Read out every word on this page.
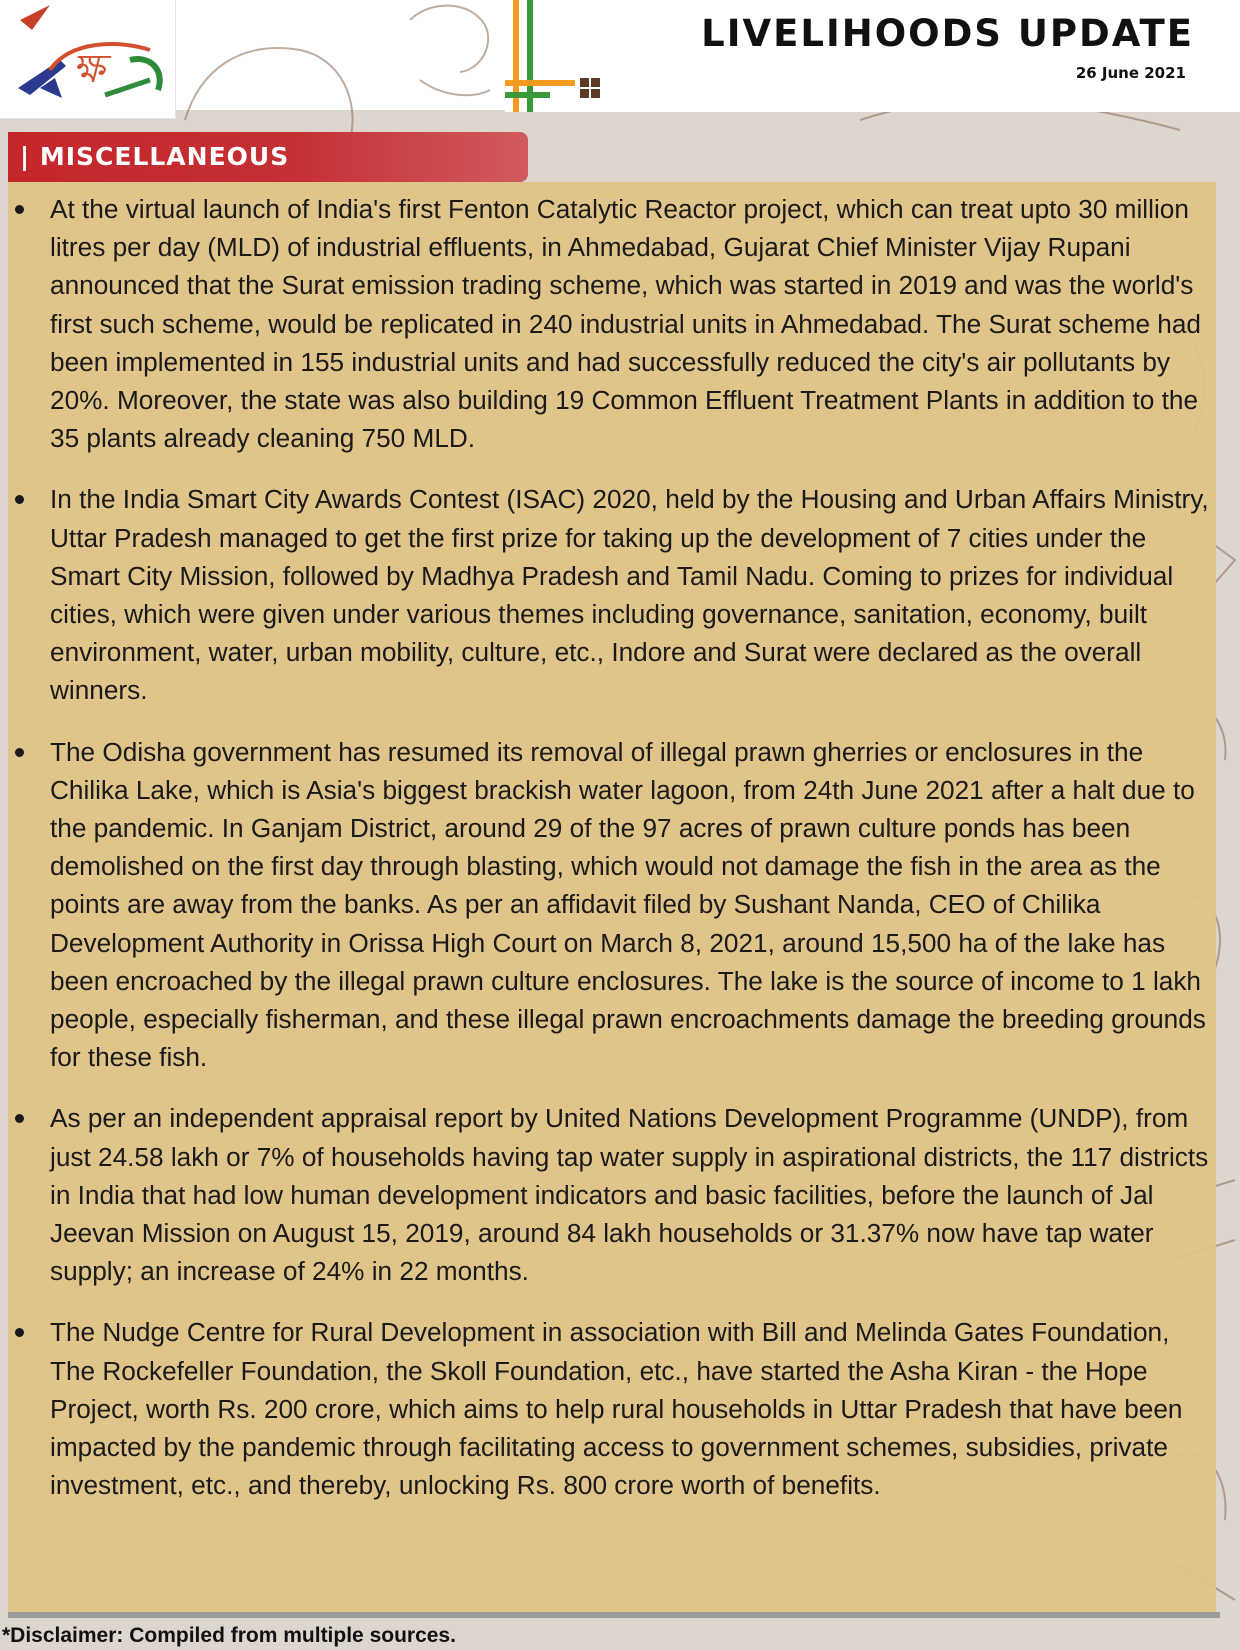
ক্ষ
LIVELIHOODS UPDATE
26 June 2021
| MISCELLANEOUS
At the virtual launch of India's first Fenton Catalytic Reactor project, which can treat upto 30 million litres per day (MLD) of industrial effluents, in Ahmedabad, Gujarat Chief Minister Vijay Rupani announced that the Surat emission trading scheme, which was started in 2019 and was the world's first such scheme, would be replicated in 240 industrial units in Ahmedabad. The Surat scheme had been implemented in 155 industrial units and had successfully reduced the city's air pollutants by 20%. Moreover, the state was also building 19 Common Effluent Treatment Plants in addition to the 35 plants already cleaning 750 MLD.
In the India Smart City Awards Contest (ISAC) 2020, held by the Housing and Urban Affairs Ministry, Uttar Pradesh managed to get the first prize for taking up the development of 7 cities under the Smart City Mission, followed by Madhya Pradesh and Tamil Nadu. Coming to prizes for individual cities, which were given under various themes including governance, sanitation, economy, built environment, water, urban mobility, culture, etc., Indore and Surat were declared as the overall winners.
The Odisha government has resumed its removal of illegal prawn gherries or enclosures in the Chilika Lake, which is Asia's biggest brackish water lagoon, from 24th June 2021 after a halt due to the pandemic. In Ganjam District, around 29 of the 97 acres of prawn culture ponds has been demolished on the first day through blasting, which would not damage the fish in the area as the points are away from the banks. As per an affidavit filed by Sushant Nanda, CEO of Chilika Development Authority in Orissa High Court on March 8, 2021, around 15,500 ha of the lake has been encroached by the illegal prawn culture enclosures. The lake is the source of income to 1 lakh people, especially fisherman, and these illegal prawn encroachments damage the breeding grounds for these fish.
As per an independent appraisal report by United Nations Development Programme (UNDP), from just 24.58 lakh or 7% of households having tap water supply in aspirational districts, the 117 districts in India that had low human development indicators and basic facilities, before the launch of Jal Jeevan Mission on August 15, 2019, around 84 lakh households or 31.37% now have tap water supply; an increase of 24% in 22 months.
The Nudge Centre for Rural Development in association with Bill and Melinda Gates Foundation, The Rockefeller Foundation, the Skoll Foundation, etc., have started the Asha Kiran - the Hope Project, worth Rs. 200 crore, which aims to help rural households in Uttar Pradesh that have been impacted by the pandemic through facilitating access to government schemes, subsidies, private investment, etc., and thereby, unlocking Rs. 800 crore worth of benefits.
*Disclaimer: Compiled from multiple sources.
